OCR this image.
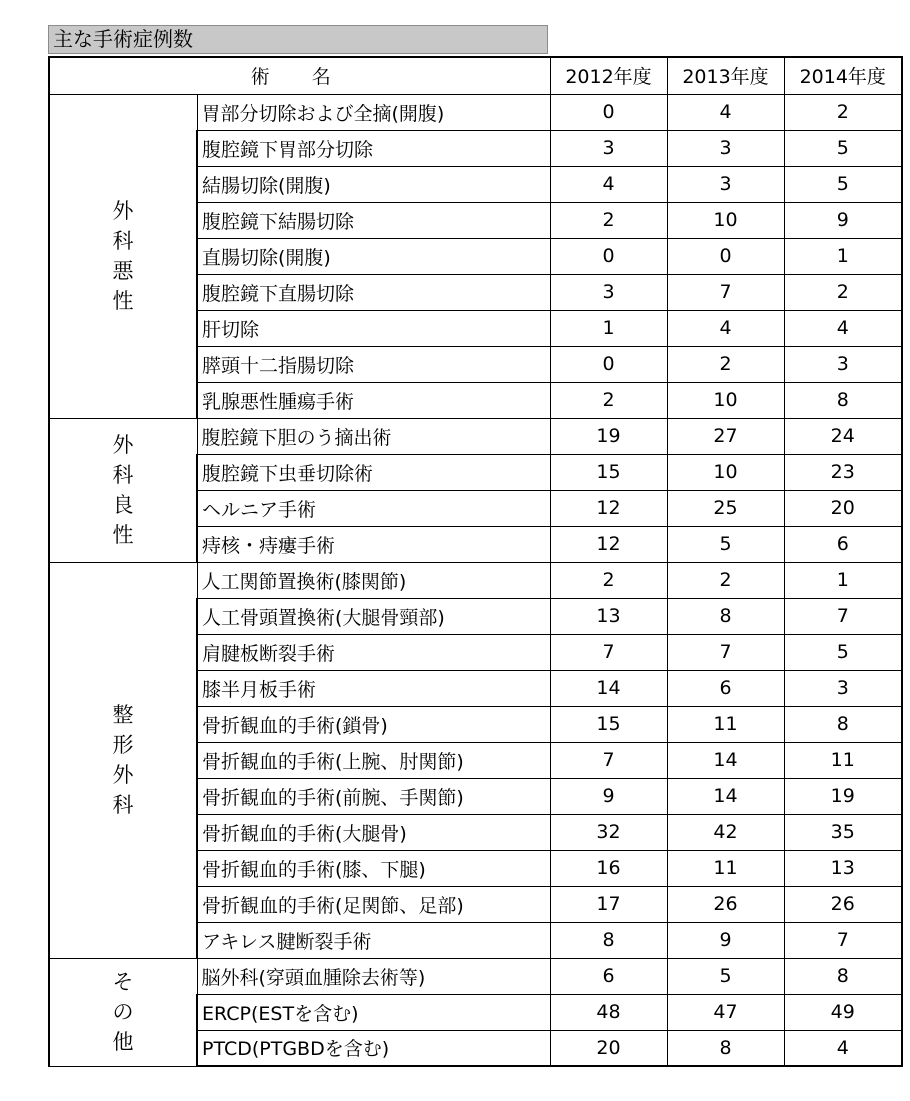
主な手術症例数
術 名		2012年度	2013年度	2014年度
外科悪性	胃部分切除および全摘(開腹)	0	4	2
	腹腔鏡下胃部分切除	3	3	5
	結腸切除(開腹)	4	3	5
	腹腔鏡下結腸切除	2	10	9
	直腸切除(開腹)	0	0	1
	腹腔鏡下直腸切除	3	7	2
	肝切除	1	4	4
	膵頭十二指腸切除	0	2	3
	乳腺悪性腫瘍手術	2	10	8
外科良性	腹腔鏡下胆のう摘出術	19	27	24
	腹腔鏡下虫垂切除術	15	10	23
	ヘルニア手術	12	25	20
	痔核・痔瘻手術	12	5	6
整形外科	人工関節置換術(膝関節)	2	2	1
	人工骨頭置換術(大腿骨頸部)	13	8	7
	肩腱板断裂手術	7	7	5
	膝半月板手術	14	6	3
	骨折観血的手術(鎖骨)	15	11	8
	骨折観血的手術(上腕、肘関節)	7	14	11
	骨折観血的手術(前腕、手関節)	9	14	19
	骨折観血的手術(大腿骨)	32	42	35
	骨折観血的手術(膝、下腿)	16	11	13
	骨折観血的手術(足関節、足部)	17	26	26
	アキレス腱断裂手術	8	9	7
その他	脳外科(穿頭血腫除去術等)	6	5	8
	ERCP(ESTを含む)	48	47	49
	PTCD(PTGBDを含む)	20	8	4
